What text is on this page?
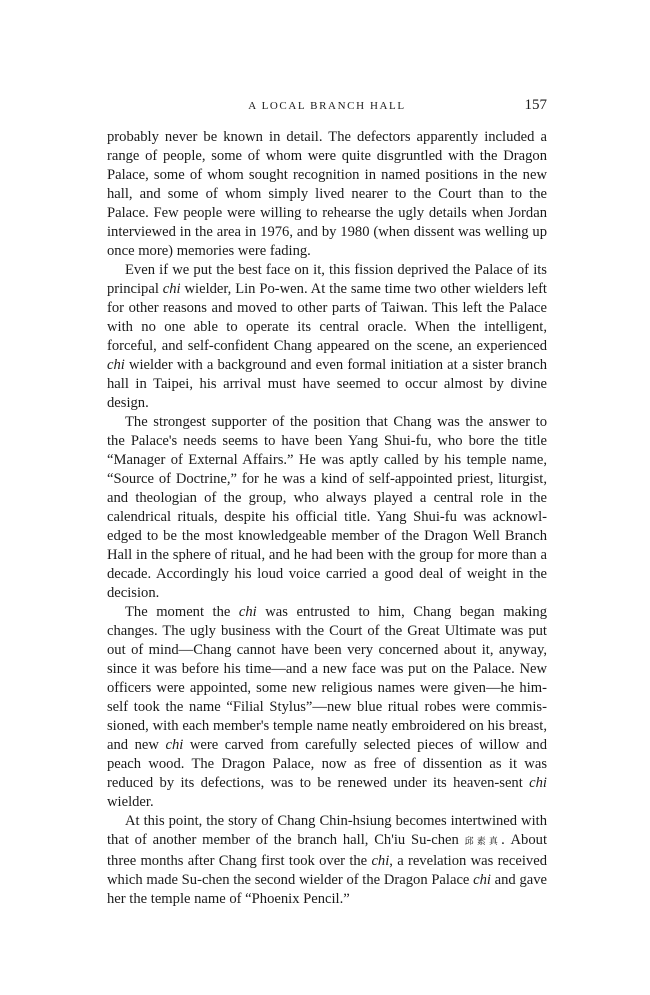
A LOCAL BRANCH HALL	157

probably never be known in detail. The defectors apparently included a range of people, some of whom were quite disgruntled with the Dragon Palace, some of whom sought recognition in named positions in the new hall, and some of whom simply lived nearer to the Court than to the Palace. Few people were willing to rehearse the ugly details when Jordan interviewed in the area in 1976, and by 1980 (when dissent was welling up once more) memories were fading.

Even if we put the best face on it, this fission deprived the Palace of its principal chi wielder, Lin Po-wen. At the same time two other wielders left for other reasons and moved to other parts of Taiwan. This left the Palace with no one able to operate its central oracle. When the intelligent, forceful, and self-confident Chang appeared on the scene, an experienced chi wielder with a background and even formal initiation at a sister branch hall in Taipei, his arrival must have seemed to occur almost by divine design.

The strongest supporter of the position that Chang was the answer to the Palace's needs seems to have been Yang Shui-fu, who bore the title “Manager of External Affairs.” He was aptly called by his temple name, “Source of Doctrine,” for he was a kind of self-appointed priest, liturgist, and theologian of the group, who always played a central role in the calendrical rituals, despite his official title. Yang Shui-fu was acknowledged to be the most knowledgeable member of the Dragon Well Branch Hall in the sphere of ritual, and he had been with the group for more than a decade. Accordingly his loud voice carried a good deal of weight in the decision.

The moment the chi was entrusted to him, Chang began making changes. The ugly business with the Court of the Great Ultimate was put out of mind—Chang cannot have been very concerned about it, anyway, since it was before his time—and a new face was put on the Palace. New officers were appointed, some new religious names were given—he himself took the name “Filial Stylus”—new blue ritual robes were commissioned, with each member's temple name neatly embroidered on his breast, and new chi were carved from carefully selected pieces of willow and peach wood. The Dragon Palace, now as free of dissention as it was reduced by its defections, was to be renewed under its heaven-sent chi wielder.

At this point, the story of Chang Chin-hsiung becomes intertwined with that of another member of the branch hall, Ch'iu Su-chen 邱素真. About three months after Chang first took over the chi, a revelation was received which made Su-chen the second wielder of the Dragon Palace chi and gave her the temple name of “Phoenix Pencil.”
